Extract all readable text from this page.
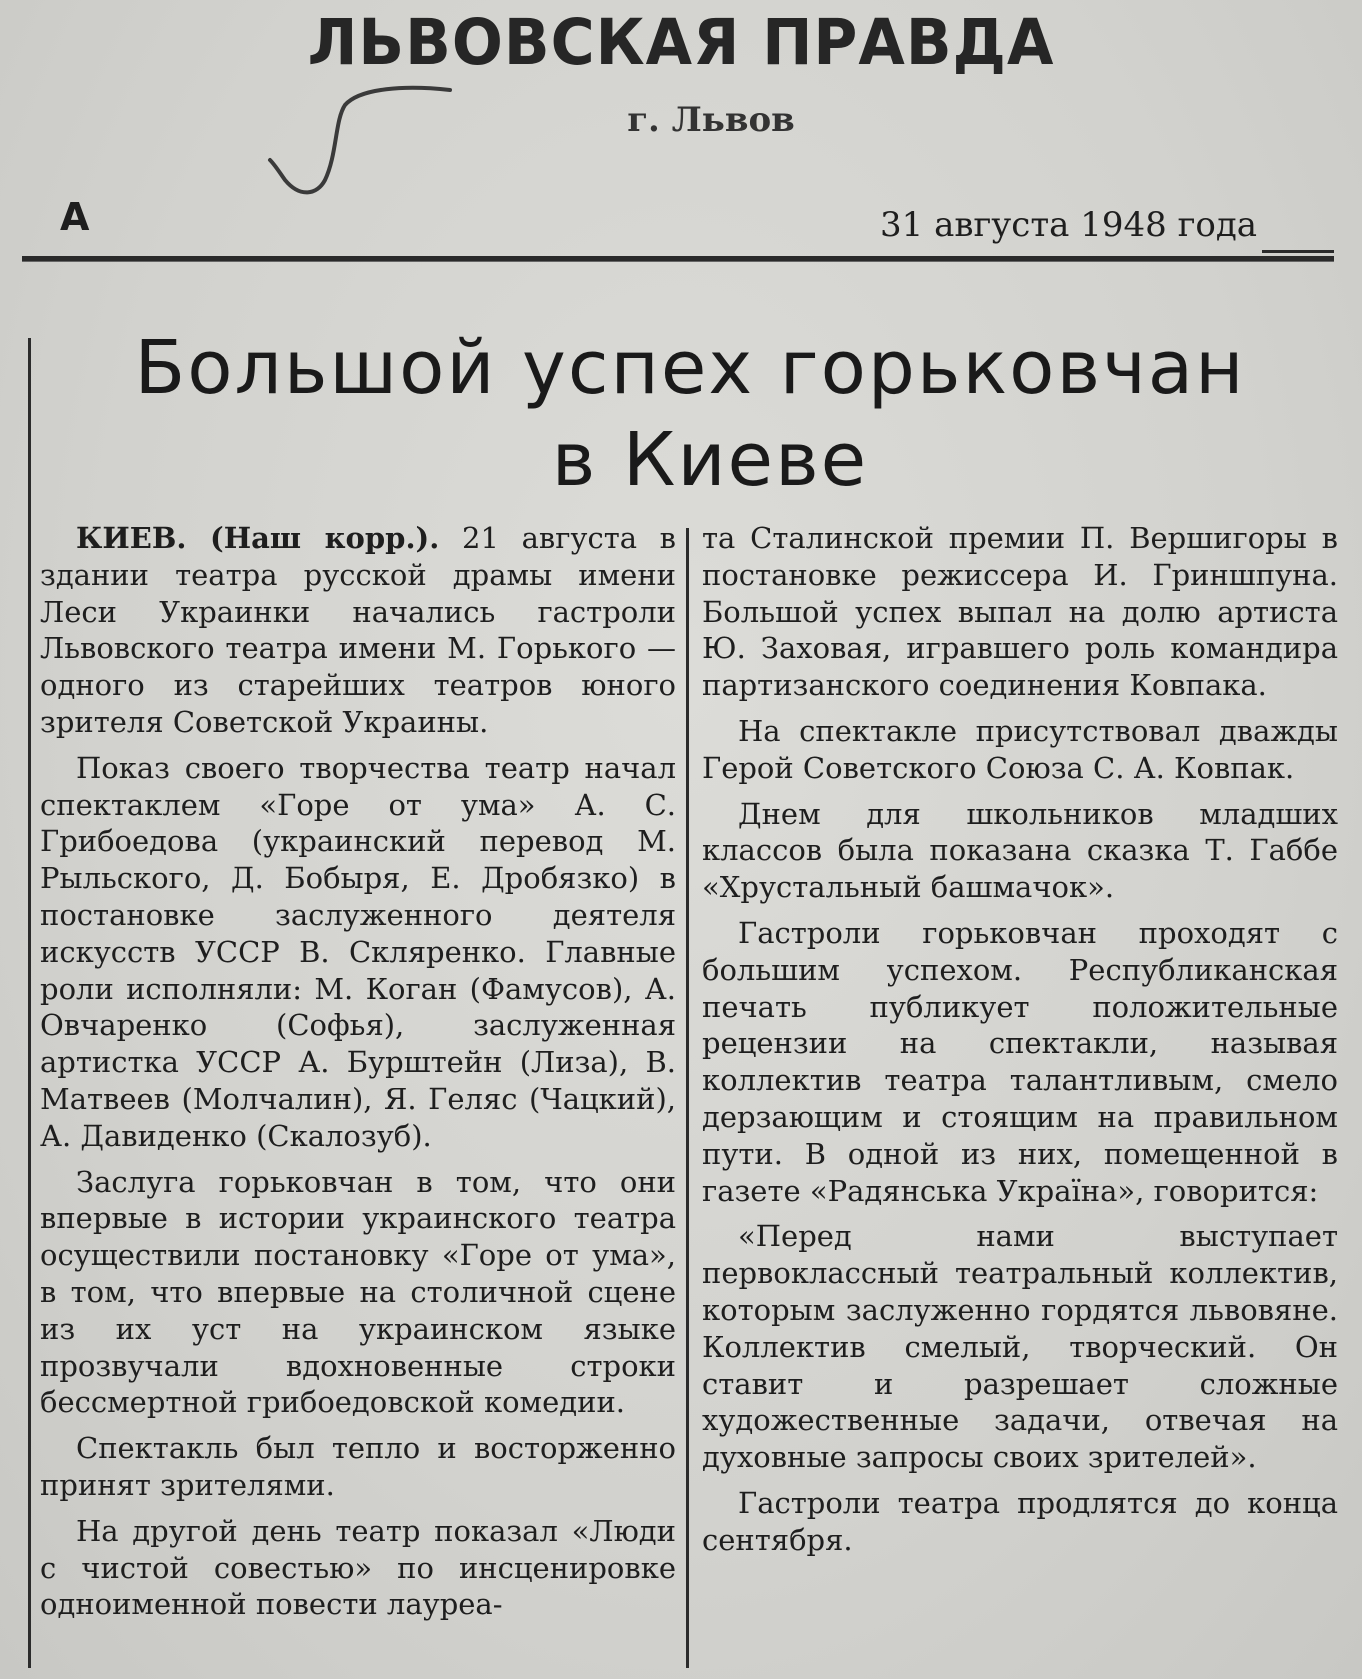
ЛЬВОВСКАЯ ПРАВДА
г. Львов
А	31 августа 1948 года
Большой успех горьковчан
в Киеве

КИЕВ. (Наш корр.). 21 августа в здании театра русской драмы имени Леси Украинки начались гастроли Львовского театра имени М. Горького — одного из старейших театров юного зрителя Советской Украины.

Показ своего творчества театр начал спектаклем «Горе от ума» А. С. Грибоедова (украинский перевод М. Рыльского, Д. Бобыря, Е. Дробязко) в постановке заслуженного деятеля искусств УССР В. Скляренко. Главные роли исполняли: М. Коган (Фамусов), А. Овчаренко (Софья), заслуженная артистка УССР А. Бурштейн (Лиза), В. Матвеев (Молчалин), Я. Геляс (Чацкий), А. Давиденко (Скалозуб).

Заслуга горьковчан в том, что они впервые в истории украинского театра осуществили постановку «Горе от ума», в том, что впервые на столичной сцене из их уст на украинском языке прозвучали вдохновенные строки бессмертной грибоедовской комедии.

Спектакль был тепло и восторженно принят зрителями.

На другой день театр показал «Люди с чистой совестью» по инсценировке одноименной повести лауреа-

та Сталинской премии П. Вершигоры в постановке режиссера И. Гриншпуна. Большой успех выпал на долю артиста Ю. Заховая, игравшего роль командира партизанского соединения Ковпака.

На спектакле присутствовал дважды Герой Советского Союза С. А. Ковпак.

Днем для школьников младших классов была показана сказка Т. Габбе «Хрустальный башмачок».

Гастроли горьковчан проходят с большим успехом. Республиканская печать публикует положительные рецензии на спектакли, называя коллектив театра талантливым, смело дерзающим и стоящим на правильном пути. В одной из них, помещенной в газете «Радянська Україна», говорится:

«Перед нами выступает первоклассный театральный коллектив, которым заслуженно гордятся львовяне. Коллектив смелый, творческий. Он ставит и разрешает сложные художественные задачи, отвечая на духовные запросы своих зрителей».

Гастроли театра продлятся до конца сентября.
